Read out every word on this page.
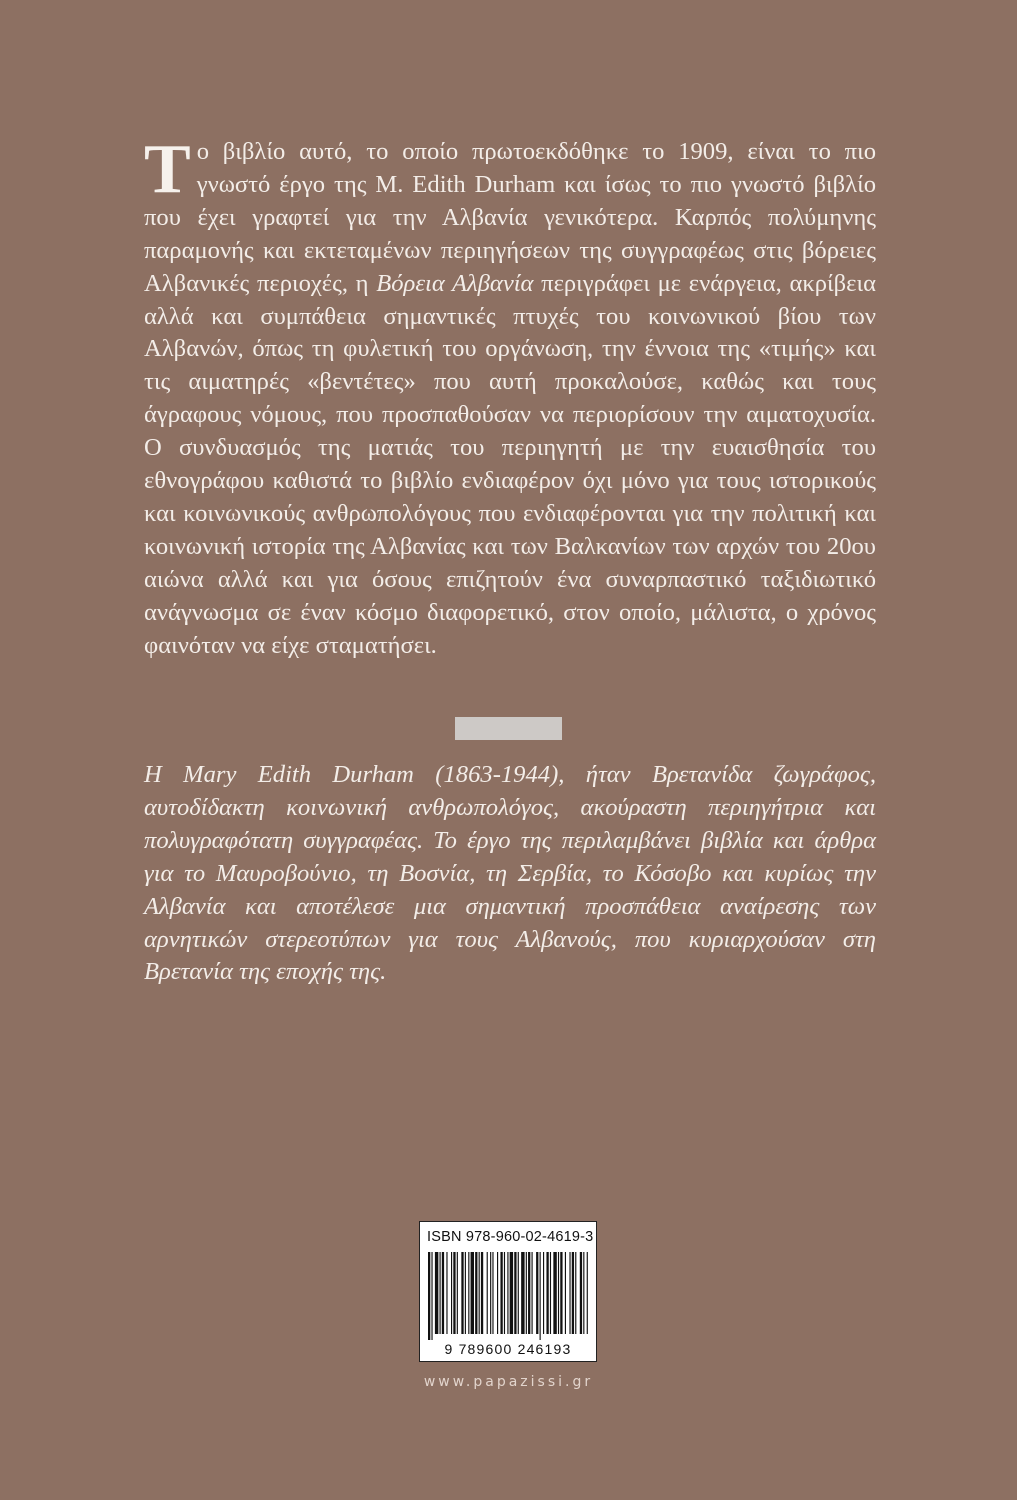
Το βιβλίο αυτό, το οποίο πρωτοεκδόθηκε το 1909, είναι το πιο γνωστό έργο της M. Edith Durham και ίσως το πιο γνωστό βιβλίο που έχει γραφτεί για την Αλβανία γενικότερα. Καρπός πολύμηνης παραμονής και εκτεταμένων περιηγήσεων της συγγραφέως στις βόρειες Αλβανικές περιοχές, η Βόρεια Αλβανία περιγράφει με ενάργεια, ακρίβεια αλλά και συμπάθεια σημαντικές πτυχές του κοινωνικού βίου των Αλβανών, όπως τη φυλετική του οργάνωση, την έννοια της «τιμής» και τις αιματηρές «βεντέτες» που αυτή προκαλούσε, καθώς και τους άγραφους νόμους, που προσπαθούσαν να περιορίσουν την αιματοχυσία. Ο συνδυασμός της ματιάς του περιηγητή με την ευαισθησία του εθνογράφου καθιστά το βιβλίο ενδιαφέρον όχι μόνο για τους ιστορικούς και κοινωνικούς ανθρωπολόγους που ενδιαφέρονται για την πολιτική και κοινωνική ιστορία της Αλβανίας και των Βαλκανίων των αρχών του 20ου αιώνα αλλά και για όσους επιζητούν ένα συναρπαστικό ταξιδιωτικό ανάγνωσμα σε έναν κόσμο διαφορετικό, στον οποίο, μάλιστα, ο χρόνος φαινόταν να είχε σταματήσει.

H Mary Edith Durham (1863-1944), ήταν Βρετανίδα ζωγράφος, αυτοδίδακτη κοινωνική ανθρωπολόγος, ακούραστη περιηγήτρια και πολυγραφότατη συγγραφέας. Το έργο της περιλαμβάνει βιβλία και άρθρα για το Μαυροβούνιο, τη Βοσνία, τη Σερβία, το Κόσοβο και κυρίως την Αλβανία και αποτέλεσε μια σημαντική προσπάθεια αναίρεσης των αρνητικών στερεοτύπων για τους Αλβανούς, που κυριαρχούσαν στη Βρετανία της εποχής της.

ISBN 978-960-02-4619-3
9 789600 246193
www.papazissi.gr
